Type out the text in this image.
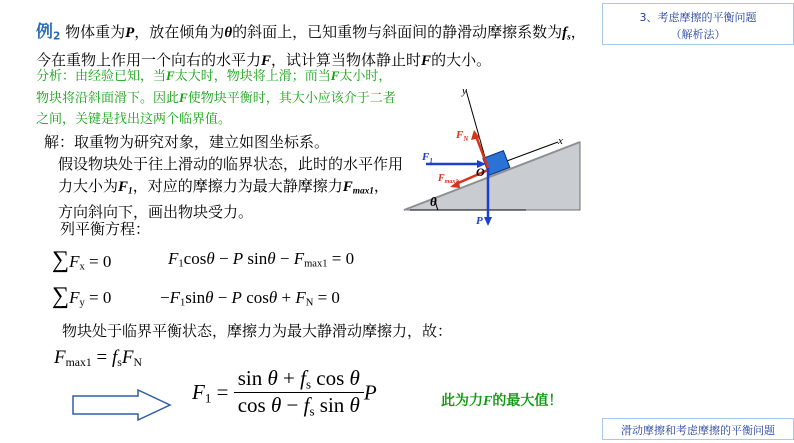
3、考虑摩擦的平衡问题
（解析法）
例$_2$ 物体重为P，放在倾角为θ的斜面上，已知重物与斜面间的静滑动摩擦系数为$f_s$，今在重物上作用一个向右的水平力F，试计算当物体静止时F的大小。
分析：由经验已知，当F太大时，物块将上滑；而当F太小时，物块将沿斜面滑下。因此F使物块平衡时，其大小应该介于二者之间，关键是找出这两个临界值。
解：取重物为研究对象，建立如图坐标系。
假设物块处于往上滑动的临界状态，此时的水平作用力大小为$F_1$，对应的摩擦力为最大静摩擦力$F_{max1}$，方向斜向下，画出物块受力。
列平衡方程：
$\sum F_x = 0$	$F_1\cos\theta - P$ $\sin\theta - F_{max1} = 0$
$\sum F_y = 0$	$-F_1\sin\theta - P$ $\cos\theta + F_N = 0$
物块处于临界平衡状态，摩擦力为最大静滑动摩擦力，故：
$F_{max1} = f_sF_N$
$F_1 = \frac{\sin \theta + f_s \cos \theta}{\cos \theta - f_s \sin \theta}$ P	此为力F的最大值！
θ
y
x
$F_N$
$F_1$
$F_{max1}$
O
P
滑动摩擦和考虑摩擦的平衡问题
